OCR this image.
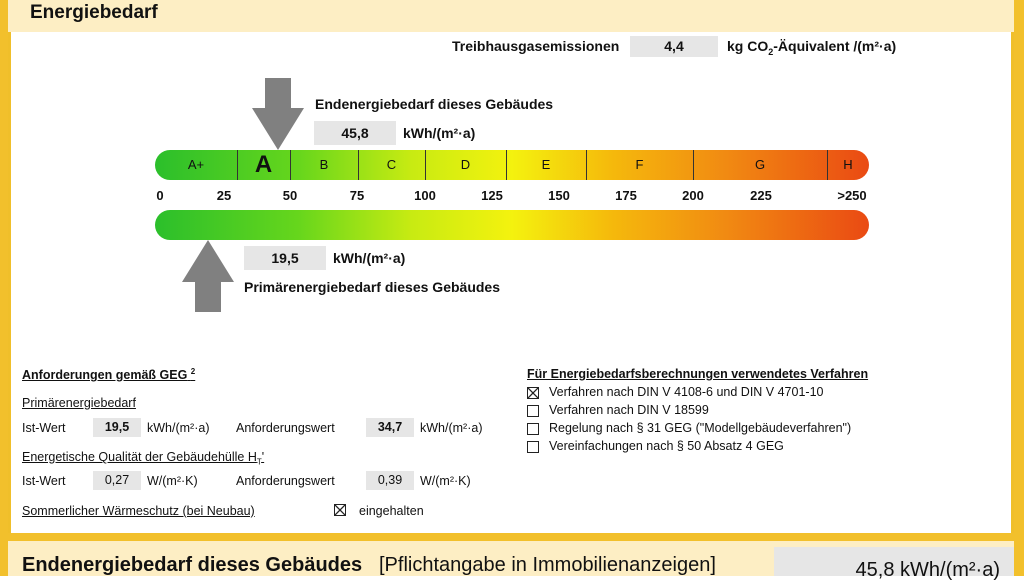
Energiebedarf
Treibhausgasemissionen	4,4	kg $CO_2$-Äquivalent /(m²·a)
Endenergiebedarf dieses Gebäudes
45,8	kWh/(m²·a)
A+	A	B	C	D	E	F	G	H
0	25	50	75	100	125	150	175	200	225	>250
19,5	kWh/(m²·a)
Primärenergiebedarf dieses Gebäudes
Anforderungen gemäß GEG $^2$
Primärenergiebedarf
Ist-Wert	19,5	kWh/(m²·a) Anforderungswert	34,7	kWh/(m²·a)
Energetische Qualität der Gebäudehülle $H_T'$
Ist-Wert	0,27	W/(m²·K)	Anforderungswert	0,39	W/(m²·K)
Sommerlicher Wärmeschutz (bei Neubau)	eingehalten
Für Energiebedarfsberechnungen verwendetes Verfahren
Verfahren nach DIN V 4108-6 und DIN V 4701-10
Verfahren nach DIN V 18599
Regelung nach § 31 GEG ("Modellgebäudeverfahren")
Vereinfachungen nach § 50 Absatz 4 GEG
Endenergiebedarf dieses Gebäudes [Pflichtangabe in Immobilienanzeigen]	45,8 kWh/(m²·a)
